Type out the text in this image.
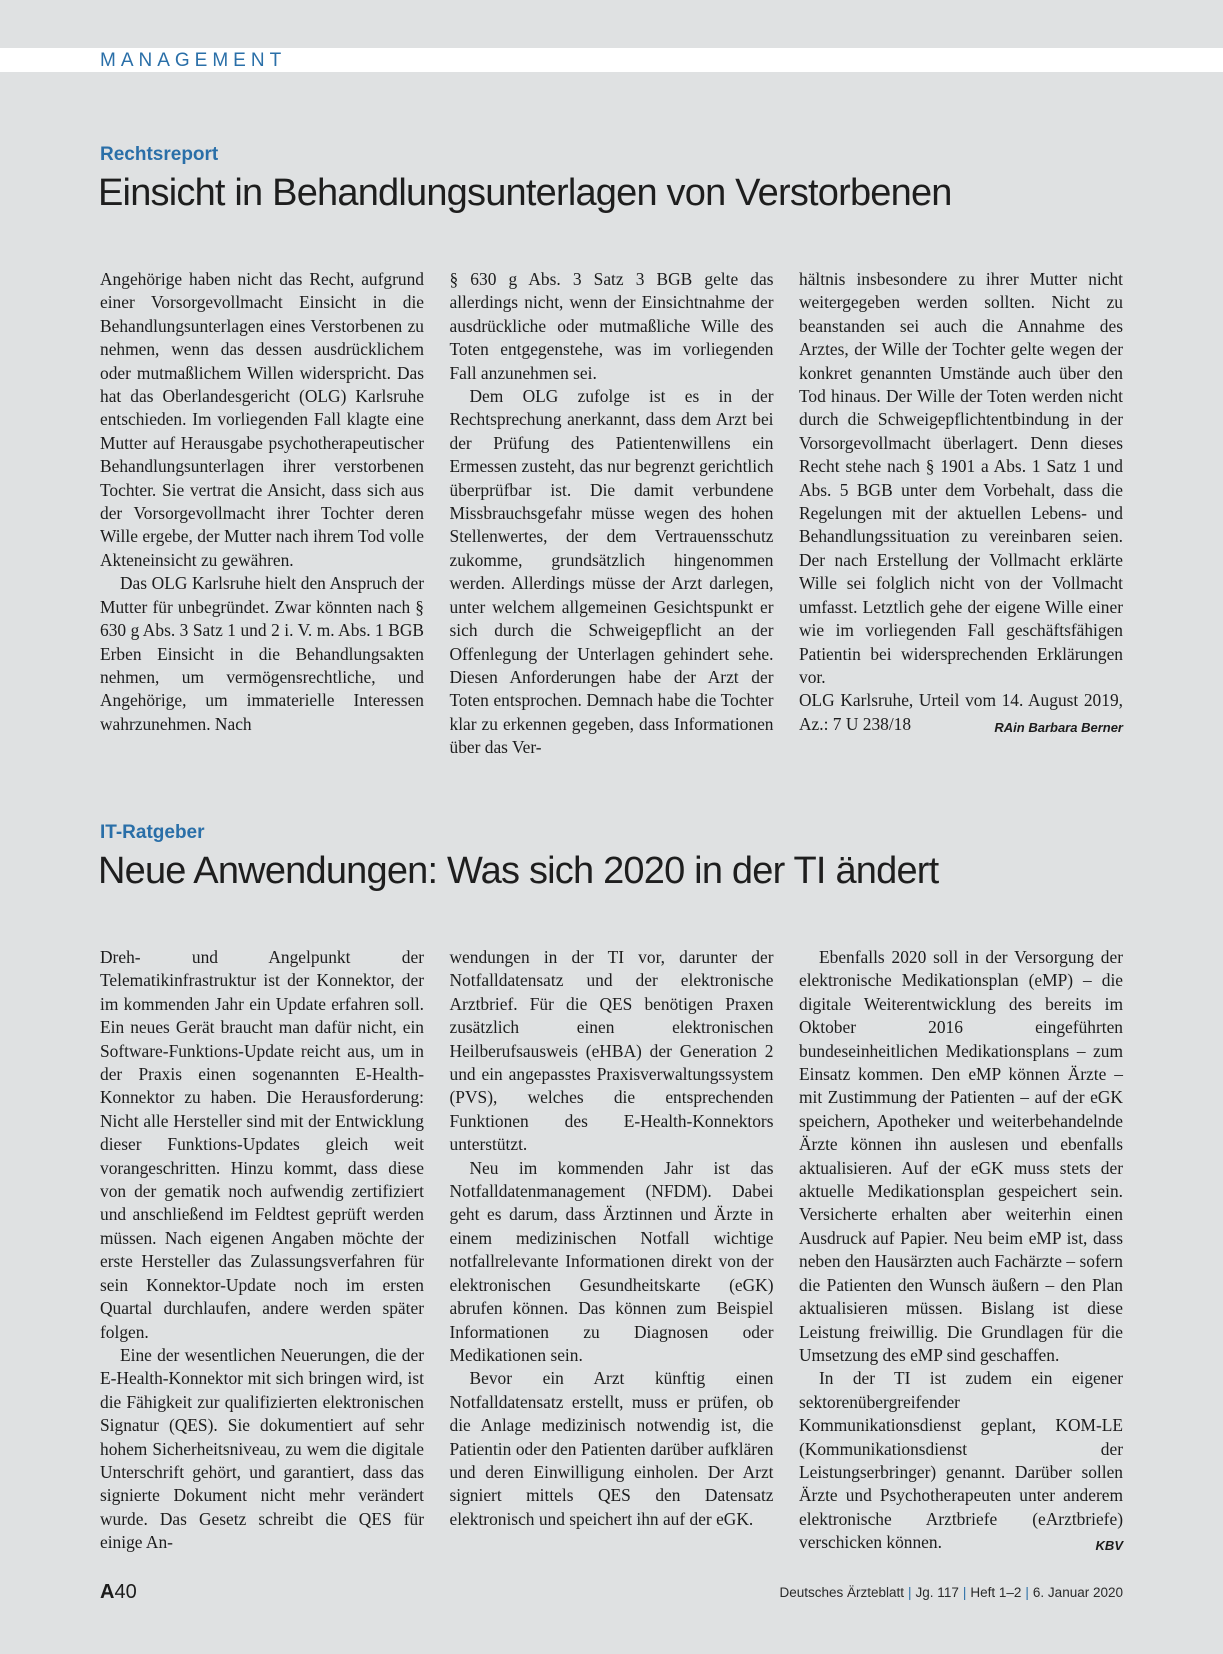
MANAGEMENT
Rechtsreport
Einsicht in Behandlungsunterlagen von Verstorbenen

Angehörige haben nicht das Recht, aufgrund einer Vorsorgevollmacht Einsicht in die Behandlungsunterlagen eines Verstorbenen zu nehmen, wenn das dessen ausdrücklichem oder mutmaßlichem Willen widerspricht. Das hat das Oberlandesgericht (OLG) Karlsruhe entschieden. Im vorliegenden Fall klagte eine Mutter auf Herausgabe psychotherapeutischer Behandlungsunterlagen ihrer verstorbenen Tochter. Sie vertrat die Ansicht, dass sich aus der Vorsorgevollmacht ihrer Tochter deren Wille ergebe, der Mutter nach ihrem Tod volle Akteneinsicht zu gewähren.

Das OLG Karlsruhe hielt den Anspruch der Mutter für unbegründet. Zwar könnten nach § 630 g Abs. 3 Satz 1 und 2 i. V. m. Abs. 1 BGB Erben Einsicht in die Behandlungsakten nehmen, um vermögensrechtliche, und Angehörige, um immaterielle Interessen wahrzunehmen. Nach

§ 630 g Abs. 3 Satz 3 BGB gelte das allerdings nicht, wenn der Einsichtnahme der ausdrückliche oder mutmaßliche Wille des Toten entgegenstehe, was im vorliegenden Fall anzunehmen sei.

Dem OLG zufolge ist es in der Rechtsprechung anerkannt, dass dem Arzt bei der Prüfung des Patientenwillens ein Ermessen zusteht, das nur begrenzt gerichtlich überprüfbar ist. Die damit verbundene Missbrauchsgefahr müsse wegen des hohen Stellenwertes, der dem Vertrauensschutz zukomme, grundsätzlich hingenommen werden. Allerdings müsse der Arzt darlegen, unter welchem allgemeinen Gesichtspunkt er sich durch die Schweigepflicht an der Offenlegung der Unterlagen gehindert sehe. Diesen Anforderungen habe der Arzt der Toten entsprochen. Demnach habe die Tochter klar zu erkennen gegeben, dass Informationen über das Ver-

hältnis insbesondere zu ihrer Mutter nicht weitergegeben werden sollten. Nicht zu beanstanden sei auch die Annahme des Arztes, der Wille der Tochter gelte wegen der konkret genannten Umstände auch über den Tod hinaus. Der Wille der Toten werden nicht durch die Schweigepflichtentbindung in der Vorsorgevollmacht überlagert. Denn dieses Recht stehe nach § 1901 a Abs. 1 Satz 1 und Abs. 5 BGB unter dem Vorbehalt, dass die Regelungen mit der aktuellen Lebens- und Behandlungssituation zu vereinbaren seien. Der nach Erstellung der Vollmacht erklärte Wille sei folglich nicht von der Vollmacht umfasst. Letztlich gehe der eigene Wille einer wie im vorliegenden Fall geschäftsfähigen Patientin bei widersprechenden Erklärungen vor.

OLG Karlsruhe, Urteil vom 14. August 2019, Az.: 7 U 238/18	RAin Barbara Berner

IT-Ratgeber
Neue Anwendungen: Was sich 2020 in der TI ändert

Dreh- und Angelpunkt der Telematikinfrastruktur ist der Konnektor, der im kommenden Jahr ein Update erfahren soll. Ein neues Gerät braucht man dafür nicht, ein Software-Funktions-Update reicht aus, um in der Praxis einen sogenannten E-Health-Konnektor zu haben. Die Herausforderung: Nicht alle Hersteller sind mit der Entwicklung dieser Funktions-Updates gleich weit vorangeschritten. Hinzu kommt, dass diese von der gematik noch aufwendig zertifiziert und anschließend im Feldtest geprüft werden müssen. Nach eigenen Angaben möchte der erste Hersteller das Zulassungsverfahren für sein Konnektor-Update noch im ersten Quartal durchlaufen, andere werden später folgen.

Eine der wesentlichen Neuerungen, die der E-Health-Konnektor mit sich bringen wird, ist die Fähigkeit zur qualifizierten elektronischen Signatur (QES). Sie dokumentiert auf sehr hohem Sicherheitsniveau, zu wem die digitale Unterschrift gehört, und garantiert, dass das signierte Dokument nicht mehr verändert wurde. Das Gesetz schreibt die QES für einige An-

wendungen in der TI vor, darunter der Notfalldatensatz und der elektronische Arztbrief. Für die QES benötigen Praxen zusätzlich einen elektronischen Heilberufsausweis (eHBA) der Generation 2 und ein angepasstes Praxisverwaltungssystem (PVS), welches die entsprechenden Funktionen des E-Health-Konnektors unterstützt.

Neu im kommenden Jahr ist das Notfalldatenmanagement (NFDM). Dabei geht es darum, dass Ärztinnen und Ärzte in einem medizinischen Notfall wichtige notfallrelevante Informationen direkt von der elektronischen Gesundheitskarte (eGK) abrufen können. Das können zum Beispiel Informationen zu Diagnosen oder Medikationen sein.

Bevor ein Arzt künftig einen Notfalldatensatz erstellt, muss er prüfen, ob die Anlage medizinisch notwendig ist, die Patientin oder den Patienten darüber aufklären und deren Einwilligung einholen. Der Arzt signiert mittels QES den Datensatz elektronisch und speichert ihn auf der eGK.

Ebenfalls 2020 soll in der Versorgung der elektronische Medikationsplan (eMP) – die digitale Weiterentwicklung des bereits im Oktober 2016 eingeführten bundeseinheitlichen Medikationsplans – zum Einsatz kommen. Den eMP können Ärzte – mit Zustimmung der Patienten – auf der eGK speichern, Apotheker und weiterbehandelnde Ärzte können ihn auslesen und ebenfalls aktualisieren. Auf der eGK muss stets der aktuelle Medikationsplan gespeichert sein. Versicherte erhalten aber weiterhin einen Ausdruck auf Papier. Neu beim eMP ist, dass neben den Hausärzten auch Fachärzte – sofern die Patienten den Wunsch äußern – den Plan aktualisieren müssen. Bislang ist diese Leistung freiwillig. Die Grundlagen für die Umsetzung des eMP sind geschaffen.

In der TI ist zudem ein eigener sektorenübergreifender Kommunikationsdienst geplant, KOM-LE (Kommunikationsdienst der Leistungserbringer) genannt. Darüber sollen Ärzte und Psychotherapeuten unter anderem elektronische Arztbriefe (eArztbriefe) verschicken können.	KBV

A40	Deutsches Ärzteblatt | Jg. 117 | Heft 1–2 | 6. Januar 2020
